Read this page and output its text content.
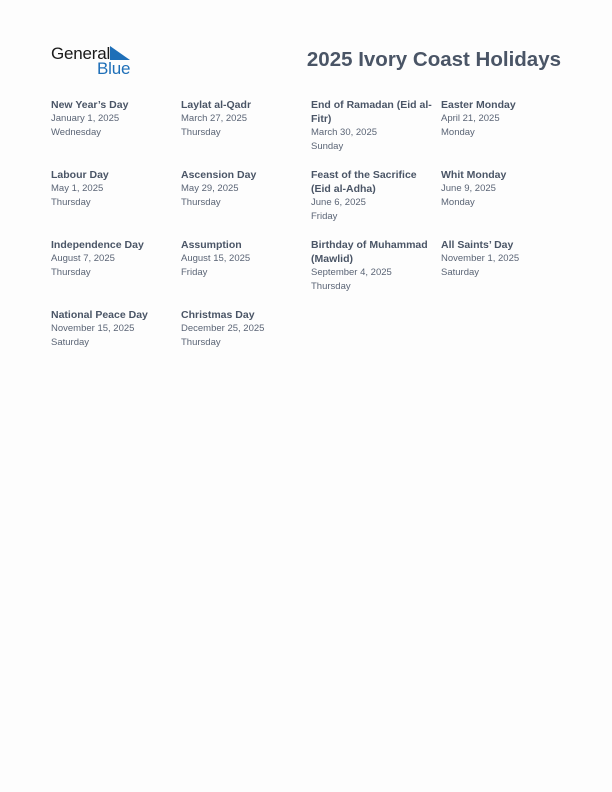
General
Blue	2025 Ivory Coast Holidays

New Year’s Day

January 1, 2025

Wednesday

Laylat al-Qadr

March 27, 2025

Thursday

End of Ramadan (Eid al-Fitr)

March 30, 2025

Sunday

Easter Monday

April 21, 2025

Monday

Labour Day

May 1, 2025

Thursday

Ascension Day

May 29, 2025

Thursday

Feast of the Sacrifice (Eid al-Adha)

June 6, 2025

Friday

Whit Monday

June 9, 2025

Monday

Independence Day

August 7, 2025

Thursday

Assumption

August 15, 2025

Friday

Birthday of Muhammad (Mawlid)

September 4, 2025

Thursday

All Saints’ Day

November 1, 2025

Saturday

National Peace Day

November 15, 2025

Saturday

Christmas Day

December 25, 2025

Thursday
